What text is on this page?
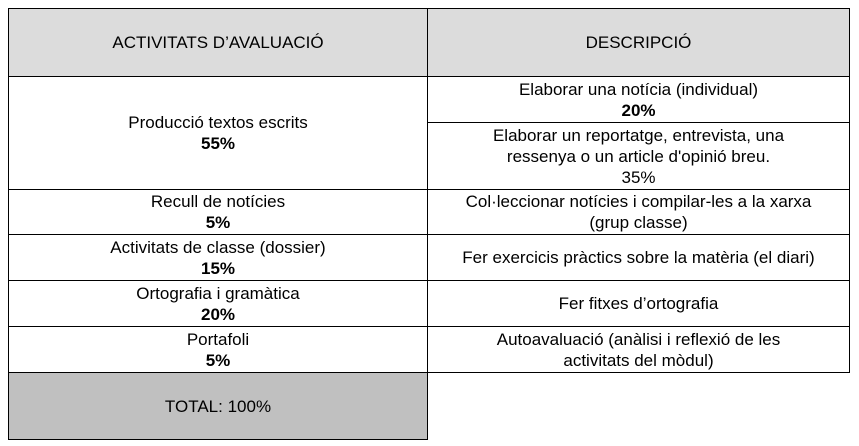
ACTIVITATS D’AVALUACIÓ	DESCRIPCIÓ

Producció textos escrits
55%	Elaborar una notícia (individual)
20%

	Elaborar un reportatge, entrevista, una
ressenya o un article d'opinió breu.
35%

Recull de notícies
5%	Col·leccionar notícies i compilar-les a la xarxa
(grup classe)

Activitats de classe (dossier)
15%	Fer exercicis pràctics sobre la matèria (el diari)

Ortografia i gramàtica
20%	Fer fitxes d’ortografia

Portafoli
5%	Autoavaluació (anàlisi i reflexió de les
activitats del mòdul)

TOTAL: 100%	
